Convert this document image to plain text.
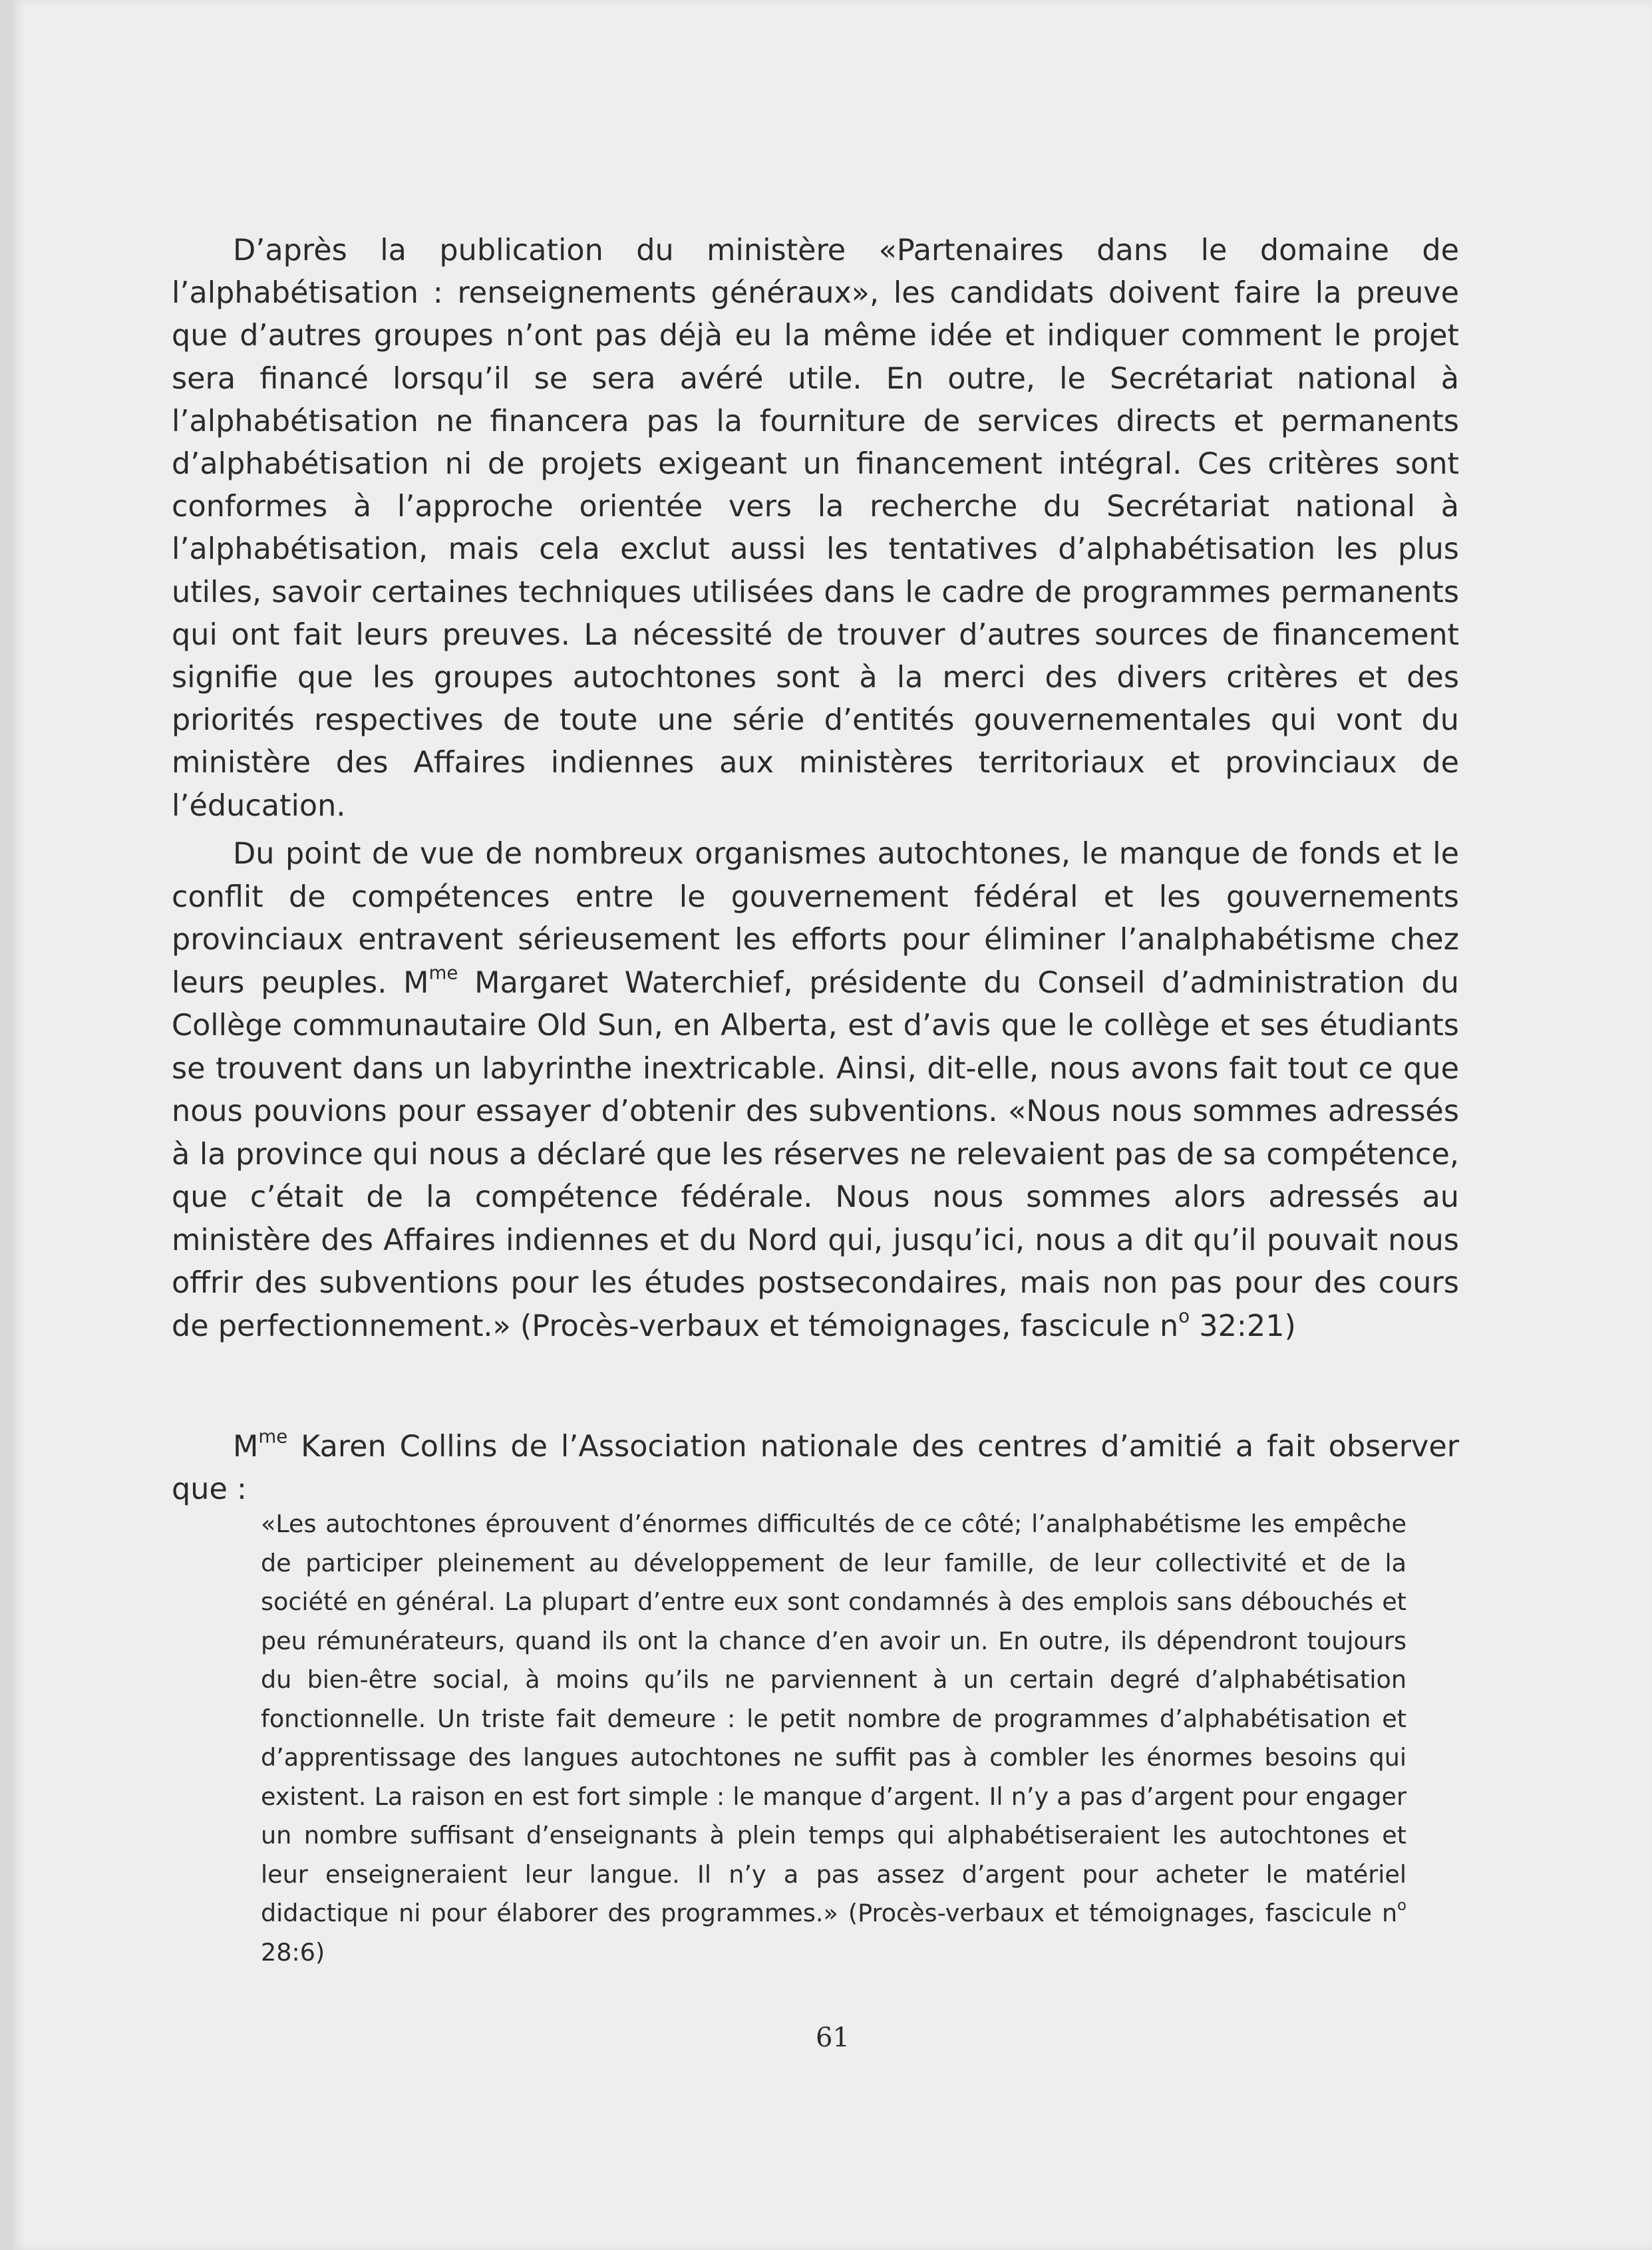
D’après la publication du ministère «Partenaires dans le domaine de l’alphabétisation : renseignements généraux», les candidats doivent faire la preuve que d’autres groupes n’ont pas déjà eu la même idée et indiquer comment le projet sera financé lorsqu’il se sera avéré utile. En outre, le Secrétariat national à l’alphabétisation ne financera pas la fourniture de services directs et permanents d’alphabétisation ni de projets exigeant un financement intégral. Ces critères sont conformes à l’approche orientée vers la recherche du Secrétariat national à l’alphabétisation, mais cela exclut aussi les tentatives d’alphabétisation les plus utiles, savoir certaines techniques utilisées dans le cadre de programmes permanents qui ont fait leurs preuves. La nécessité de trouver d’autres sources de financement signifie que les groupes autochtones sont à la merci des divers critères et des priorités respectives de toute une série d’entités gouvernementales qui vont du ministère des Affaires indiennes aux ministères territoriaux et provinciaux de l’éducation.

Du point de vue de nombreux organismes autochtones, le manque de fonds et le conflit de compétences entre le gouvernement fédéral et les gouvernements provinciaux entravent sérieusement les efforts pour éliminer l’analphabétisme chez leurs peuples. $M^{me}$ Margaret Waterchief, présidente du Conseil d’administration du Collège communautaire Old Sun, en Alberta, est d’avis que le collège et ses étudiants se trouvent dans un labyrinthe inextricable. Ainsi, dit-elle, nous avons fait tout ce que nous pouvions pour essayer d’obtenir des subventions. «Nous nous sommes adressés à la province qui nous a déclaré que les réserves ne relevaient pas de sa compétence, que c’était de la compétence fédérale. Nous nous sommes alors adressés au ministère des Affaires indiennes et du Nord qui, jusqu’ici, nous a dit qu’il pouvait nous offrir des subventions pour les études postsecondaires, mais non pas pour des cours de perfectionnement.» (Procès-verbaux et témoignages, fascicule $n^o$ 32:21)

$M^{me}$ Karen Collins de l’Association nationale des centres d’amitié a fait observer que :

«Les autochtones éprouvent d’énormes difficultés de ce côté; l’analphabétisme les empêche de participer pleinement au développement de leur famille, de leur collectivité et de la société en général. La plupart d’entre eux sont condamnés à des emplois sans débouchés et peu rémunérateurs, quand ils ont la chance d’en avoir un. En outre, ils dépendront toujours du bien-être social, à moins qu’ils ne parviennent à un certain degré d’alphabétisation fonctionnelle. Un triste fait demeure : le petit nombre de programmes d’alphabétisation et d’apprentissage des langues autochtones ne suffit pas à combler les énormes besoins qui existent. La raison en est fort simple : le manque d’argent. Il n’y a pas d’argent pour engager un nombre suffisant d’enseignants à plein temps qui alphabétiseraient les autochtones et leur enseigneraient leur langue. Il n’y a pas assez d’argent pour acheter le matériel didactique ni pour élaborer des programmes.» (Procès-verbaux et témoignages, fascicule $n^o$ 28:6)

61
